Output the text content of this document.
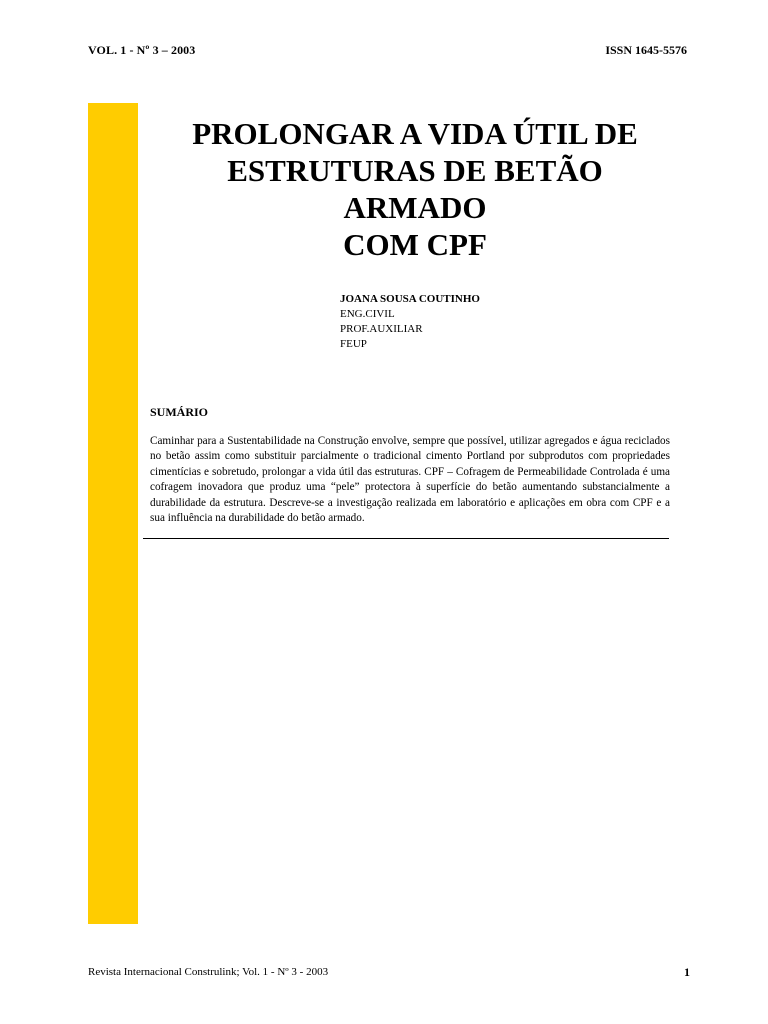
VOL. 1 - Nº 3 – 2003	ISSN 1645-5576
PROLONGAR A VIDA ÚTIL DE
ESTRUTURAS DE BETÃO ARMADO
COM CPF
JOANA SOUSA COUTINHO
ENG.CIVIL
PROF.AUXILIAR
FEUP
SUMÁRIO

Caminhar para a Sustentabilidade na Construção envolve, sempre que possível, utilizar agregados e água reciclados no betão assim como substituir parcialmente o tradicional cimento Portland por subprodutos com propriedades cimentícias e sobretudo, prolongar a vida útil das estruturas. CPF – Cofragem de Permeabilidade Controlada é uma cofragem inovadora que produz uma “pele” protectora à superfície do betão aumentando substancialmente a durabilidade da estrutura. Descreve-se a investigação realizada em laboratório e aplicações em obra com CPF e a sua influência na durabilidade do betão armado.

Revista Internacional Construlink; Vol. 1 - Nº 3 - 2003	1
